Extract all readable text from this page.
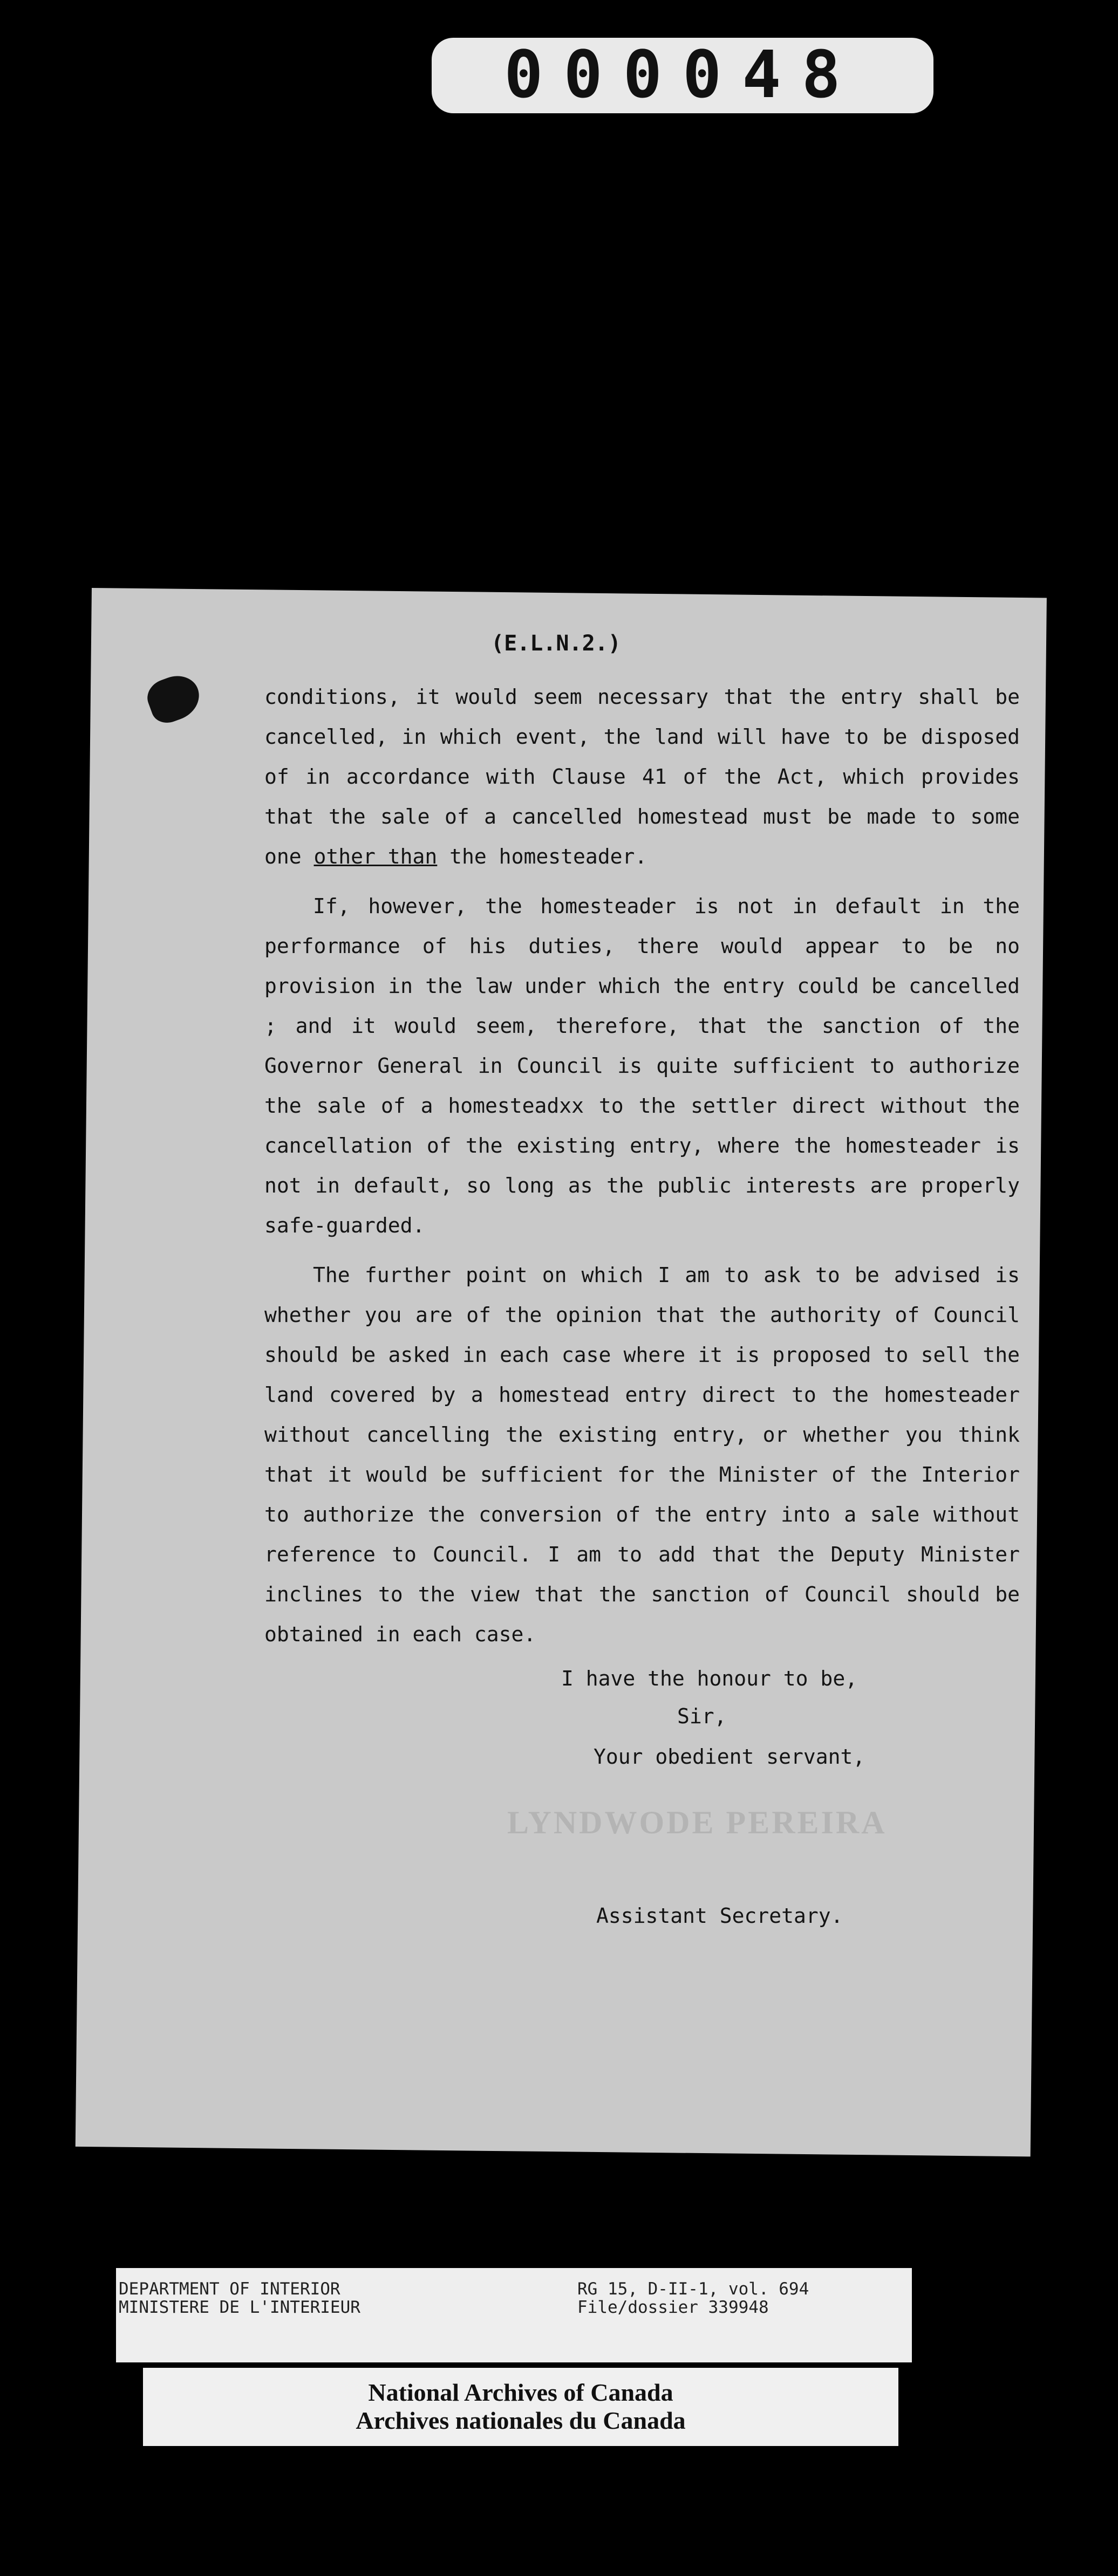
000048
(E.L.N.2.)

conditions, it would seem necessary that the entry shall be cancelled, in which event, the land will have to be disposed of in accordance with Clause 41 of the Act, which provides that the sale of a cancelled homestead must be made to some one other than the homesteader.

If, however, the homesteader is not in default in the performance of his duties, there would appear to be no provision in the law under which the entry could be cancelled ; and it would seem, therefore, that the sanction of the Governor General in Council is quite sufficient to authorize the sale of a homesteadxx to the settler direct without the cancellation of the existing entry, where the homesteader is not in default, so long as the public interests are properly safe-guarded.

The further point on which I am to ask to be advised is whether you are of the opinion that the authority of Council should be asked in each case where it is proposed to sell the land covered by a homestead entry direct to the homesteader without cancelling the existing entry, or whether you think that it would be sufficient for the Minister of the Interior to authorize the conversion of the entry into a sale without reference to Council. I am to add that the Deputy Minister inclines to the view that the sanction of Council should be obtained in each case.

I have the honour to be,
Sir,
Your obedient servant,
LYNDWODE PEREIRA
Assistant Secretary.
DEPARTMENT OF INTERIOR
MINISTERE DE L'INTERIEUR
RG 15, D-II-1, vol. 694
File/dossier 339948
National Archives of Canada
Archives nationales du Canada
